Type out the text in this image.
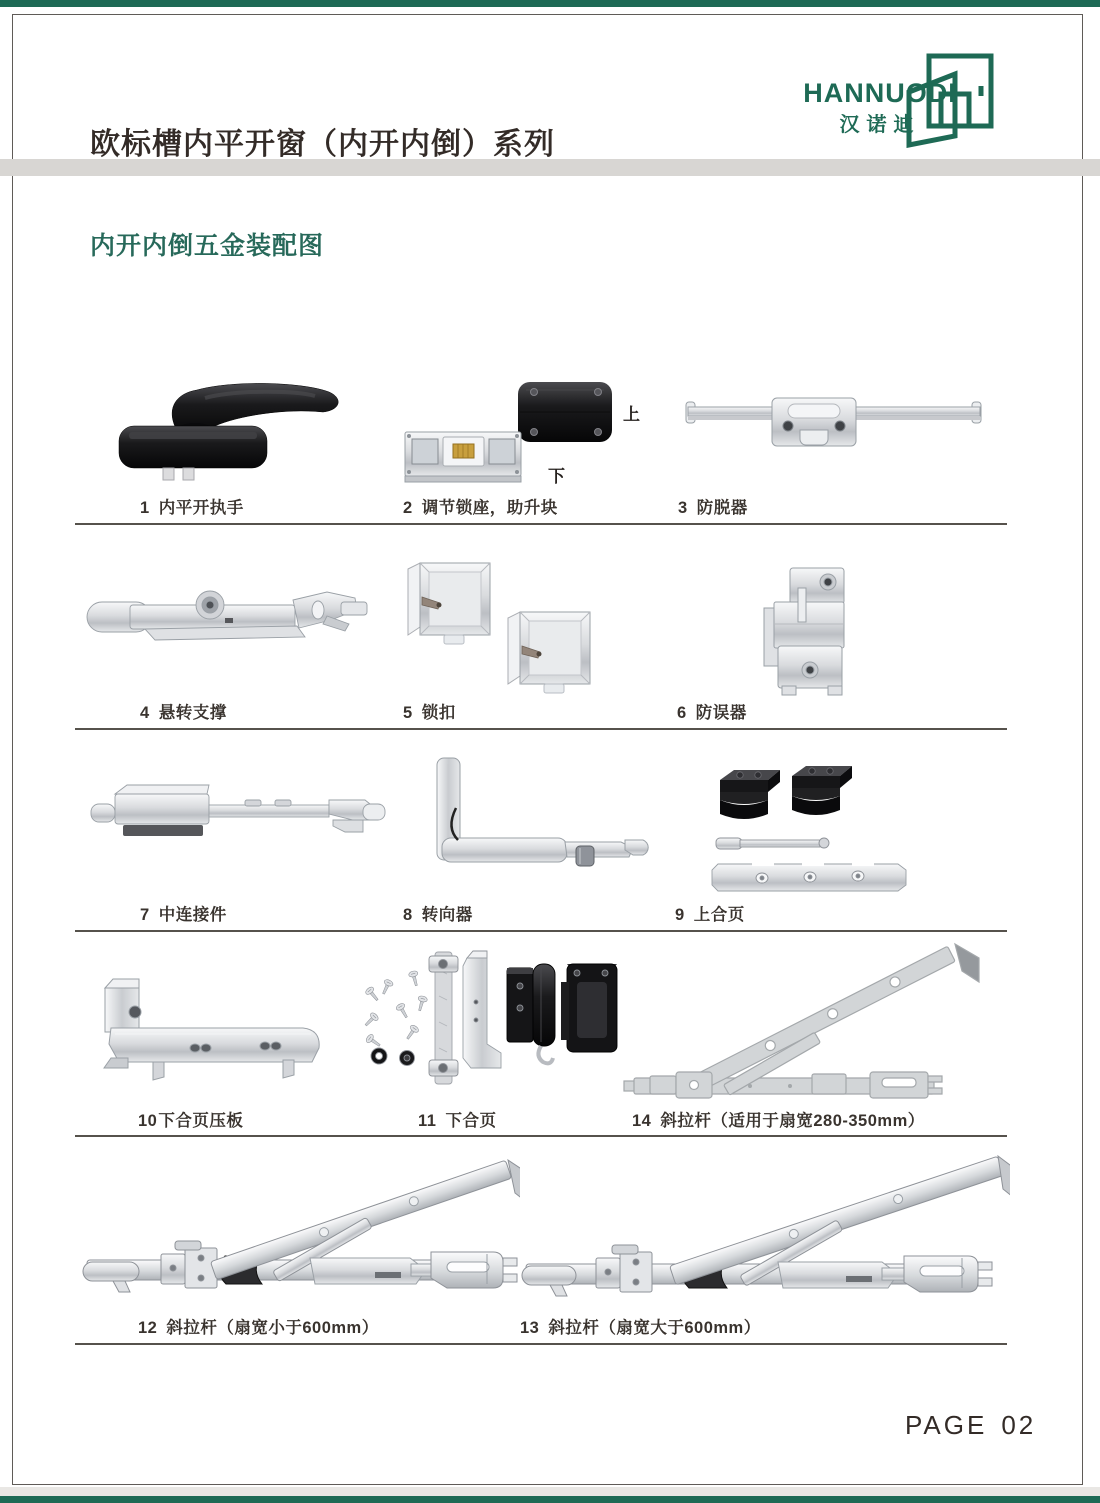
欧标槽内平开窗（内开内倒）系列
内开内倒五金装配图
HANNUODI
汉诺迪
上
下
1 内平开执手	2 调节锁座，助升块	3 防脱器
4 悬转支撑	5 锁扣	6 防误器
7 中连接件	8 转向器	9 上合页
10下合页压板	11 下合页	14 斜拉杆（适用于扇宽280-350mm）
12 斜拉杆（扇宽小于600mm）	13 斜拉杆（扇宽大于600mm）
PAGE 02
